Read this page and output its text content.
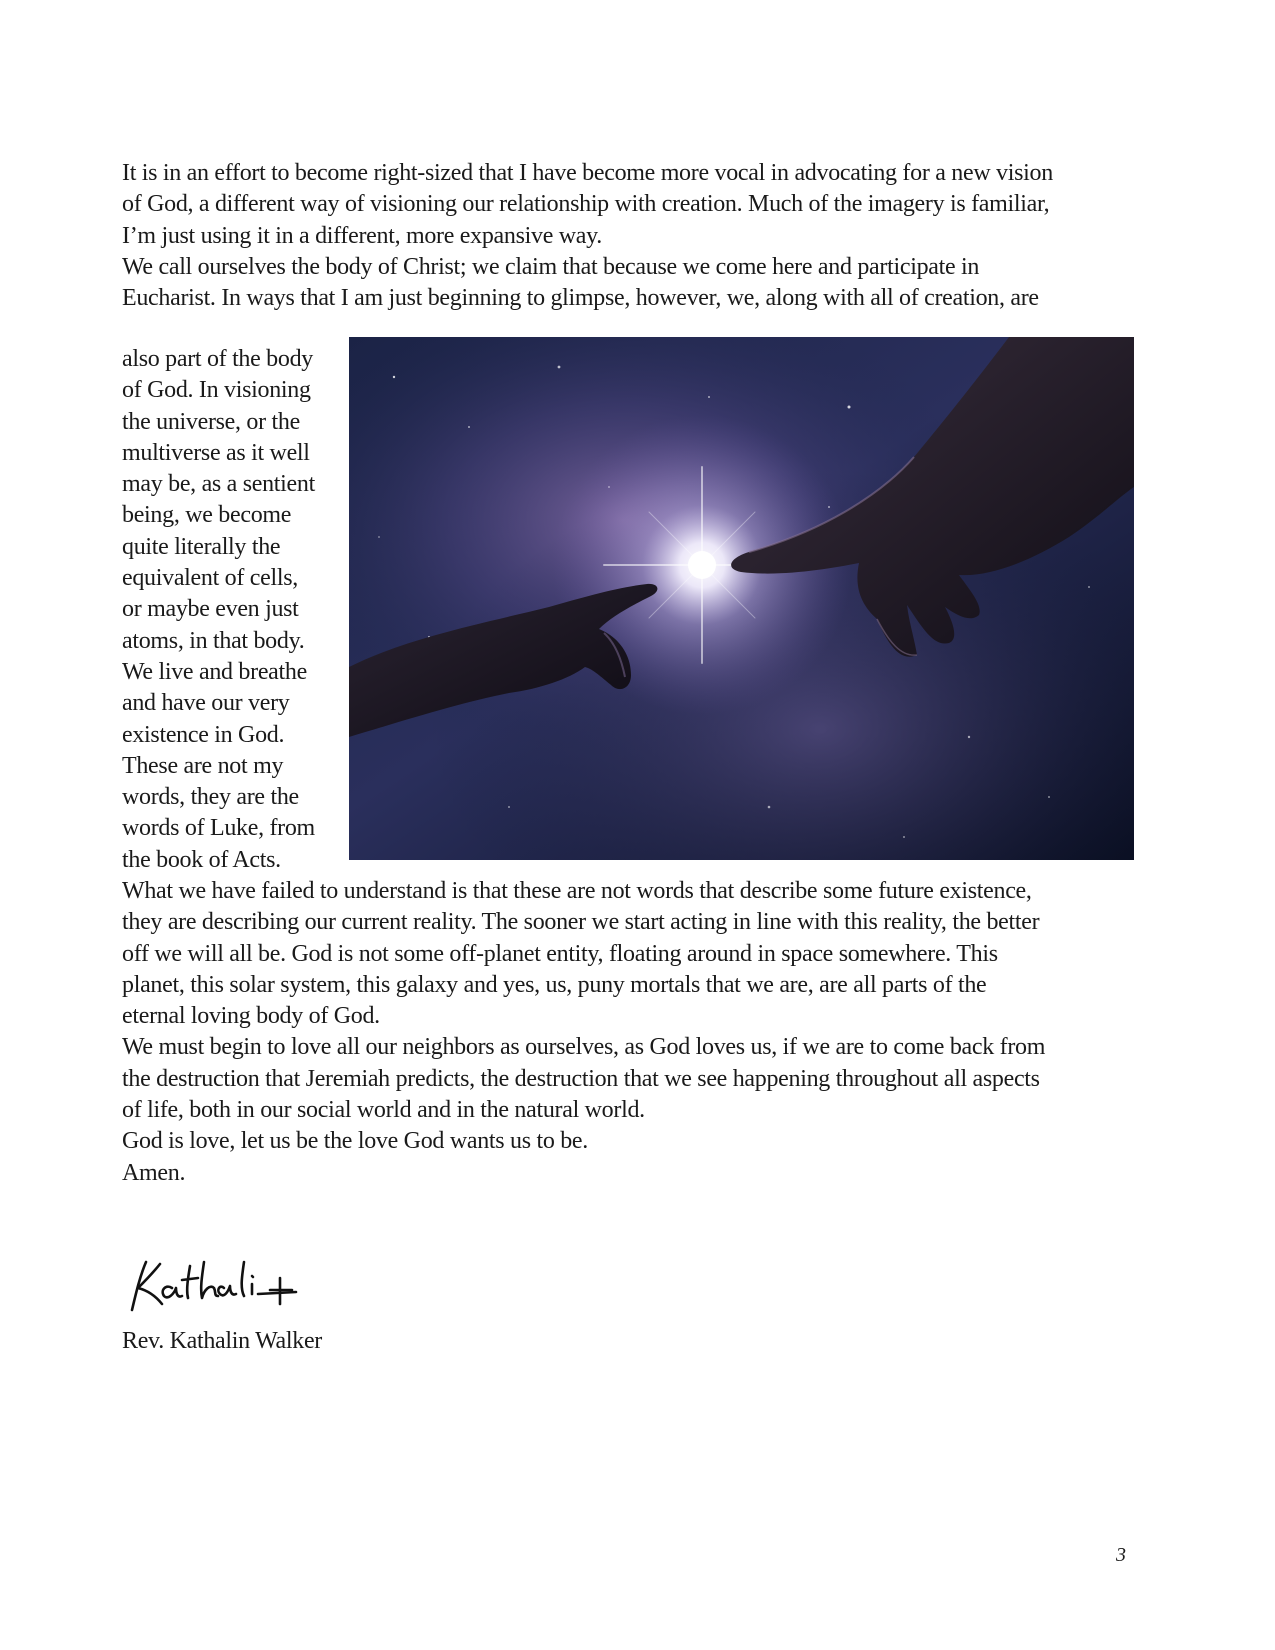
It is in an effort to become right-sized that I have become more vocal in advocating for a new vision
of God, a different way of visioning our relationship with creation. Much of the imagery is familiar,
I’m just using it in a different, more expansive way.
We call ourselves the body of Christ; we claim that because we come here and participate in
Eucharist. In ways that I am just beginning to glimpse, however, we, along with all of creation, are

also part of the body
of God. In visioning
the universe, or the
multiverse as it well
may be, as a sentient
being, we become
quite literally the
equivalent of cells,
or maybe even just
atoms, in that body.
We live and breathe
and have our very
existence in God.
These are not my
words, they are the
words of Luke, from
the book of Acts.

What we have failed to understand is that these are not words that describe some future existence,
they are describing our current reality. The sooner we start acting in line with this reality, the better
off we will all be. God is not some off-planet entity, floating around in space somewhere. This
planet, this solar system, this galaxy and yes, us, puny mortals that we are, are all parts of the
eternal loving body of God.
We must begin to love all our neighbors as ourselves, as God loves us, if we are to come back from
the destruction that Jeremiah predicts, the destruction that we see happening throughout all aspects
of life, both in our social world and in the natural world.
God is love, let us be the love God wants us to be.
Amen.

Rev. Kathalin Walker

3
